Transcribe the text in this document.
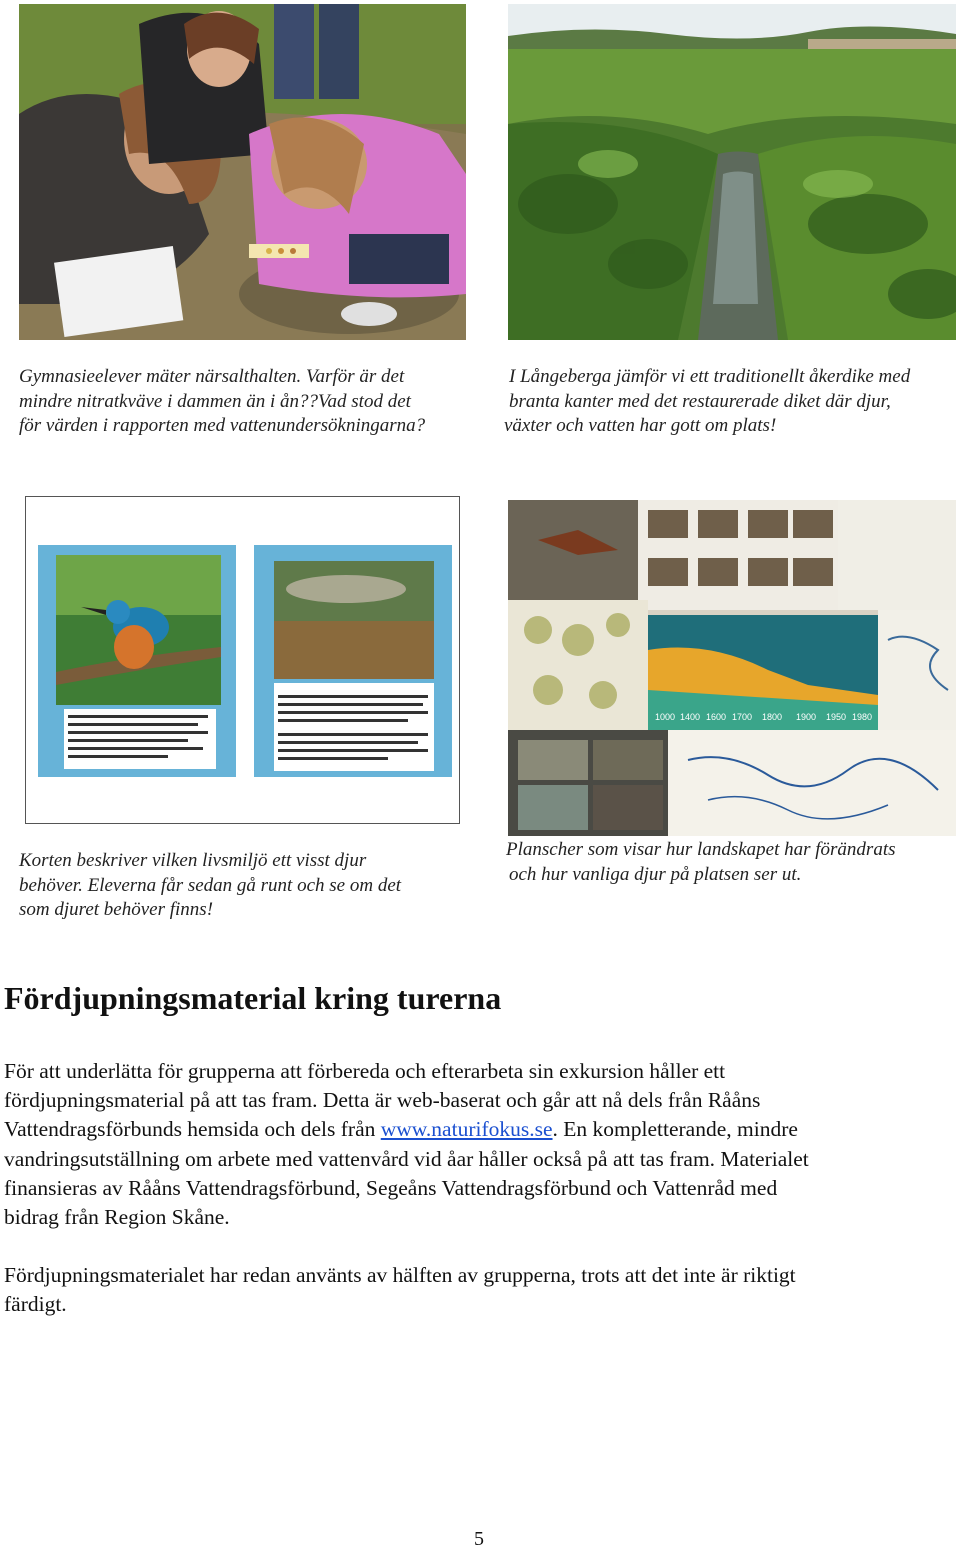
Gymnasieelever mäter närsalthalten. Varför är det
mindre nitratkväve i dammen än i ån??Vad stod det
för värden i rapporten med vattenundersökningarna?

I Långeberga jämför vi ett traditionellt åkerdike med
branta kanter med det restaurerade diket där djur,
växter och vatten har gott om plats!

1000 1400 1600 1700 1800 1900 1950 1980

Korten beskriver vilken livsmiljö ett visst djur
behöver. Eleverna får sedan gå runt och se om det
som djuret behöver finns!

Planscher som visar hur landskapet har förändrats
och hur vanliga djur på platsen ser ut.

Fördjupningsmaterial kring turerna
För att underlätta för grupperna att förbereda och efterarbeta sin exkursion håller ett
fördjupningsmaterial på att tas fram. Detta är web-baserat och går att nå dels från Rååns
Vattendragsförbunds hemsida och dels från www.naturifokus.se. En kompletterande, mindre
vandringsutställning om arbete med vattenvård vid åar håller också på att tas fram. Materialet
finansieras av Rååns Vattendragsförbund, Segeåns Vattendragsförbund och Vattenråd med
bidrag från Region Skåne.
Fördjupningsmaterialet har redan använts av hälften av grupperna, trots att det inte är riktigt
färdigt.
5
